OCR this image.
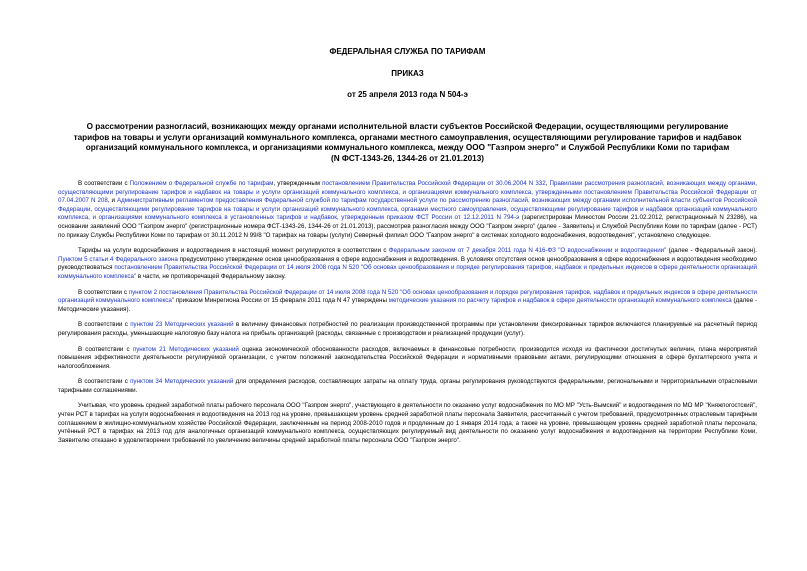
ФЕДЕРАЛЬНАЯ СЛУЖБА ПО ТАРИФАМ
ПРИКАЗ
от 25 апреля 2013 года N 504-э
О рассмотрении разногласий, возникающих между органами исполнительной власти субъектов Российской Федерации, осуществляющими регулирование
тарифов на товары и услуги организаций коммунального комплекса, органами местного самоуправления, осуществляющими регулирование тарифов и надбавок
организаций коммунального комплекса, и организациями коммунального комплекса, между ООО "Газпром энерго" и Службой Республики Коми по тарифам
(N ФСТ-1343-26, 1344-26 от 21.01.2013)

В соответствии с Положением о Федеральной службе по тарифам, утвержденным постановлением Правительства Российской Федерации от 30.06.2004 N 332, Правилами рассмотрения разногласий, возникающих между органами, осуществляющими регулирование тарифов и надбавок на товары и услуги организаций коммунального комплекса, и организациями коммунального комплекса, утвержденными постановлением Правительства Российской Федерации от 07.04.2007 N 208, и Административным регламентом предоставления Федеральной службой по тарифам государственной услуги по рассмотрению разногласий, возникающих между органами исполнительной власти субъектов Российской Федерации, осуществляющими регулирование тарифов на товары и услуги организаций коммунального комплекса, органами местного самоуправления, осуществляющими регулирование тарифов и надбавок организаций коммунального комплекса, и организациями коммунального комплекса в установленных тарифов и надбавок, утвержденным приказом ФСТ России от 12.12.2011 N 794-э (зарегистрирован Минюстом России 21.02.2012, регистрационный N 23286), на основании заявлений ООО "Газпром энерго" (регистрационные номера ФСТ-1343-26, 1344-26 от 21.01.2013), рассмотрев разногласия между ООО "Газпром энерго" (далее - Заявитель) и Службой Республики Коми по тарифам (далее - РСТ) по приказу Службы Республики Коми по тарифам от 30.11.2012 N 99/8 "О тарифах на товары (услуги) Северный филиал ООО "Газпром энерго" в системах холодного водоснабжения, водоотведения", установлено следующее.

Тарифы на услуги водоснабжения и водоотведения в настоящий момент регулируются в соответствии с Федеральным законом от 7 декабря 2011 года N 416-ФЗ "О водоснабжении и водоотведении" (далее - Федеральный закон). Пунктом 5 статьи 4 Федерального закона предусмотрено утверждение основ ценообразования в сфере водоснабжения и водоотведения. В условиях отсутствия основ ценообразования в сфере водоснабжения и водоотведения необходимо руководствоваться постановлением Правительства Российской Федерации от 14 июля 2008 года N 520 "Об основах ценообразования и порядке регулирования тарифов, надбавок и предельных индексов в сфере деятельности организаций коммунального комплекса" в части, не противоречащей Федеральному закону.

В соответствии с пунктом 2 постановления Правительства Российской Федерации от 14 июля 2008 года N 520 "Об основах ценообразования и порядке регулирования тарифов, надбавок и предельных индексов в сфере деятельности организаций коммунального комплекса" приказом Минрегиона России от 15 февраля 2011 года N 47 утверждены методические указания по расчету тарифов и надбавок в сфере деятельности организаций коммунального комплекса (далее - Методические указания).

В соответствии с пунктом 23 Методических указаний в величину финансовых потребностей по реализации производственной программы при установлении фиксированных тарифов включаются планируемые на расчетный период регулирования расходы, уменьшающие налоговую базу налога на прибыль организаций (расходы, связанные с производством и реализацией продукции (услуг).

В соответствии с пунктом 21 Методических указаний оценка экономической обоснованности расходов, включаемых в финансовые потребности, производится исходя из фактически достигнутых величин, плана мероприятий повышения эффективности деятельности регулируемой организации, с учетом положений законодательства Российской Федерации и нормативными правовыми актами, регулирующими отношения в сфере бухгалтерского учета и налогообложения.

В соответствии с пунктом 34 Методических указаний для определения расходов, составляющих затраты на оплату труда, органы регулирования руководствуются федеральными, региональными и территориальными отраслевыми тарифными соглашениями.

Учитывая, что уровень средней заработной платы рабочего персонала ООО "Газпром энерго", участвующего в деятельности по оказанию услуг водоснабжения по МО МР "Усть-Вымский" и водоотведения по МО МР "Княжпогостский", учтен РСТ в тарифах на услуги водоснабжения и водоотведения на 2013 год на уровне, превышающем уровень средней заработной платы персонала Заявителя, рассчитанный с учетом требований, предусмотренных отраслевым тарифным соглашением в жилищно-коммунальном хозяйстве Российской Федерации, заключенным на период 2008-2010 годов и продленным до 1 января 2014 года, а также на уровне, превышающем уровень средней заработной платы персонала, учтённый РСТ в тарифах на 2013 год для аналогичных организаций коммунального комплекса, осуществляющих регулируемый вид деятельности по оказанию услуг водоснабжения и водоотведения на территории Республики Коми, Заявителю отказано в удовлетворении требований по увеличению величины средней заработной платы персонала ООО "Газпром энерго".
